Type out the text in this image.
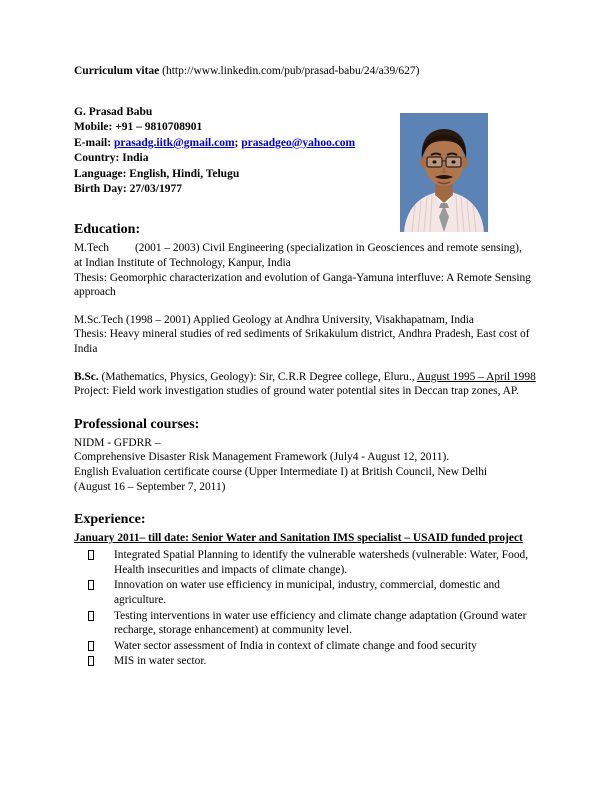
Curriculum vitae (http://www.linkedin.com/pub/prasad-babu/24/a39/627)

G. Prasad Babu
Mobile: +91 – 9810708901
E-mail: prasadg.iitk@gmail.com; prasadgeo@yahoo.com
Country: India
Language: English, Hindi, Telugu
Birth Day: 27/03/1977
Education:

M.Tech (2001 – 2003) Civil Engineering (specialization in Geosciences and remote sensing),

at Indian Institute of Technology, Kanpur, India

Thesis: Geomorphic characterization and evolution of Ganga-Yamuna interfluve: A Remote Sensing approach

M.Sc.Tech (1998 – 2001) Applied Geology at Andhra University, Visakhapatnam, India

Thesis: Heavy mineral studies of red sediments of Srikakulum district, Andhra Pradesh, East cost of India

B.Sc. (Mathematics, Physics, Geology): Sir, C.R.R Degree college, Eluru., August 1995 – April 1998

Project: Field work investigation studies of ground water potential sites in Deccan trap zones, AP.

Professional courses:

NIDM - GFDRR –

Comprehensive Disaster Risk Management Framework (July4 - August 12, 2011).

English Evaluation certificate course (Upper Intermediate I) at British Council, New Delhi

(August 16 – September 7, 2011)

Experience:

January 2011– till date: Senior Water and Sanitation IMS specialist – USAID funded project

Integrated Spatial Planning to identify the vulnerable watersheds (vulnerable: Water, Food, Health insecurities and impacts of climate change).
Innovation on water use efficiency in municipal, industry, commercial, domestic and agriculture.
Testing interventions in water use efficiency and climate change adaptation (Ground water recharge, storage enhancement) at community level.
Water sector assessment of India in context of climate change and food security
MIS in water sector.
